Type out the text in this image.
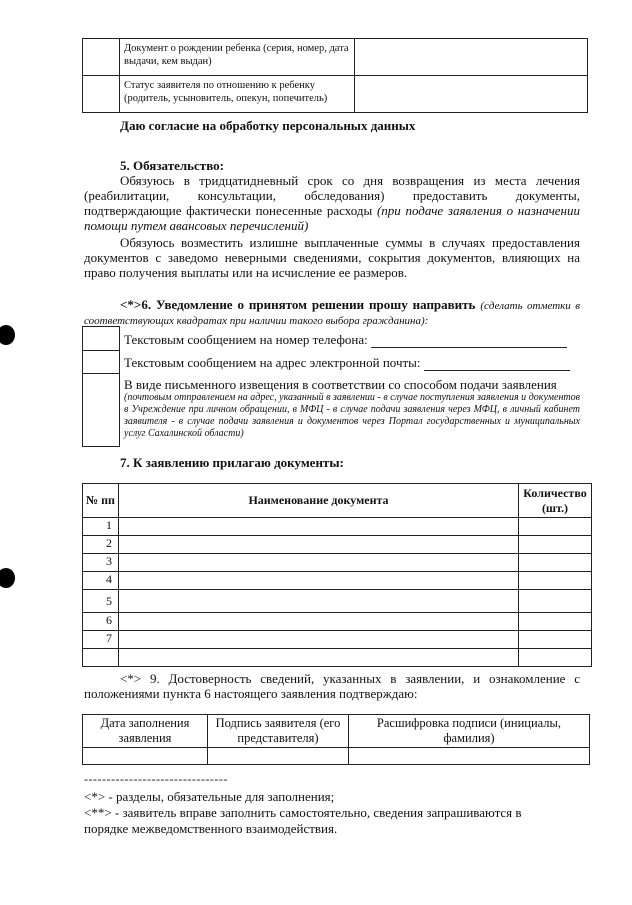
	Документ о рождении ребенка (серия, номер, дата выдачи, кем выдан)	
	Статус заявителя по отношению к ребенку (родитель, усыновитель, опекун, попечитель)	
Даю согласие на обработку персональных данных
5. Обязательство:
Обязуюсь в тридцатидневный срок со дня возвращения из места лечения (реабилитации, консультации, обследования) предоставить документы, подтверждающие фактически понесенные расходы (при подаче заявления о назначении помощи путем авансовых перечислений)
Обязуюсь возместить излишне выплаченные суммы в случаях предоставления документов с заведомо неверными сведениями, сокрытия документов, влияющих на право получения выплаты или на исчисление ее размеров.
<*>6. Уведомление о принятом решении прошу направить (сделать отметки в соответствующих квадратах при наличии такого выбора гражданина):
Текстовым сообщением на номер телефона:
Текстовым сообщением на адрес электронной почты:
В виде письменного извещения в соответствии со способом подачи заявления
(почтовым отправлением на адрес, указанный в заявлении - в случае поступления заявления и документов в Учреждение при личном обращении, в МФЦ - в случае подачи заявления через МФЦ, в личный кабинет заявителя - в случае подачи заявления и документов через Портал государственных и муниципальных услуг Сахалинской области)
7. К заявлению прилагаю документы:
№ пп	Наименование документа	Количество (шт.)
1		
2		
3		
4		
5		
6		
7		

<*> 9. Достоверность сведений, указанных в заявлении, и ознакомление с положениями пункта 6 настоящего заявления подтверждаю:
Дата заполнения заявления	Подпись заявителя (его представителя)	Расшифровка подписи (инициалы, фамилия)

--------------------------------
<*> - разделы, обязательные для заполнения;
<**> - заявитель вправе заполнить самостоятельно, сведения запрашиваются в порядке межведомственного взаимодействия.
